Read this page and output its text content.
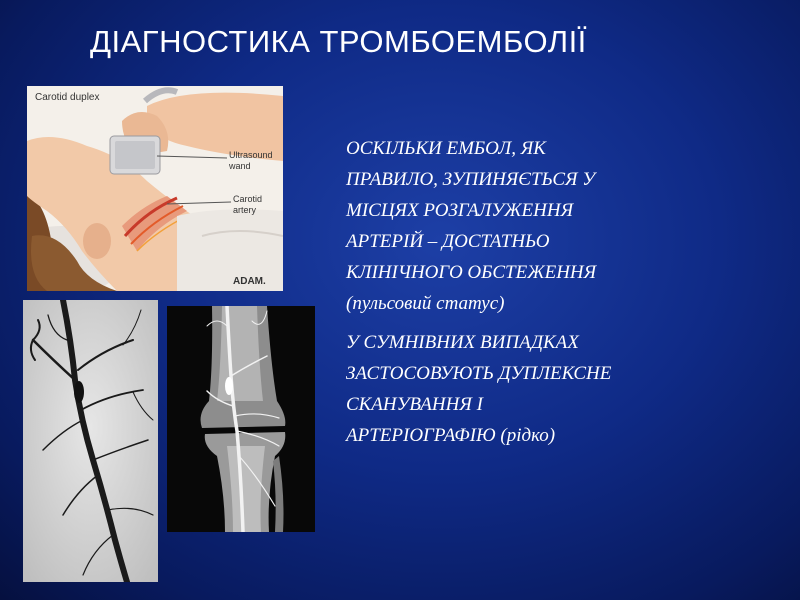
ДІАГНОСТИКА ТРОМБОЕМБОЛІЇ
Carotid duplex
Ultrasound
wand
Carotid
artery
ADAM.

ОСКІЛЬКИ ЕМБОЛ, ЯК
ПРАВИЛО, ЗУПИНЯЄТЬСЯ У
МІСЦЯХ РОЗГАЛУЖЕННЯ
АРТЕРІЙ – ДОСТАТНЬО
КЛІНІЧНОГО ОБСТЕЖЕННЯ
(пульсовий статус)

У СУМНІВНИХ ВИПАДКАХ
ЗАСТОСОВУЮТЬ ДУПЛЕКСНЕ
СКАНУВАННЯ І
АРТЕРІОГРАФІЮ (рідко)
